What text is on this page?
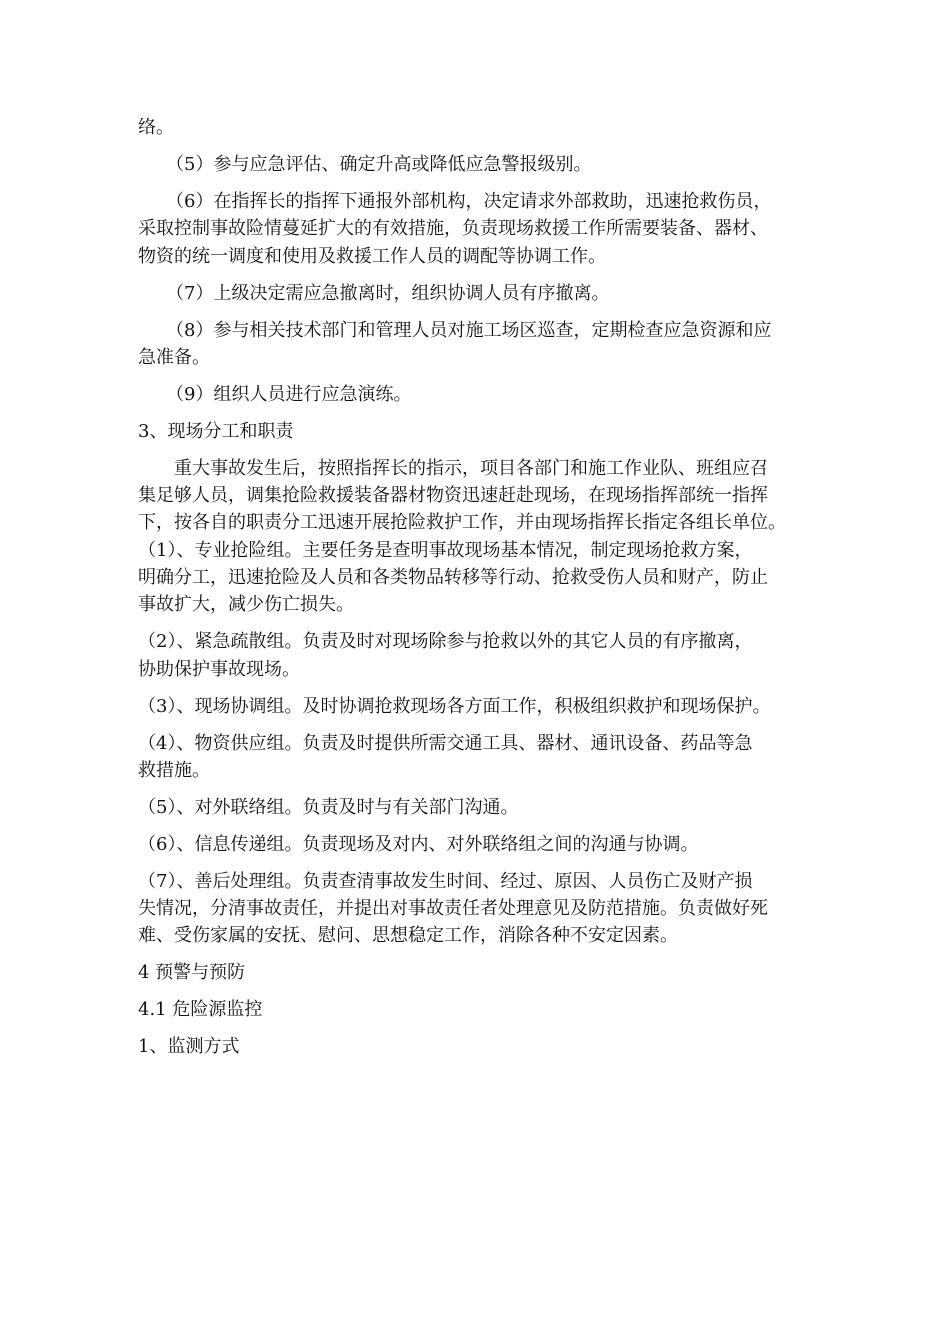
络。
（5）参与应急评估、确定升高或降低应急警报级别。
（6）在指挥长的指挥下通报外部机构，决定请求外部救助，迅速抢救伤员，
采取控制事故险情蔓延扩大的有效措施，负责现场救援工作所需要装备、器材、
物资的统一调度和使用及救援工作人员的调配等协调工作。
（7）上级决定需应急撤离时，组织协调人员有序撤离。
（8）参与相关技术部门和管理人员对施工场区巡查，定期检查应急资源和应
急准备。
（9）组织人员进行应急演练。
3、现场分工和职责
重大事故发生后，按照指挥长的指示，项目各部门和施工作业队、班组应召
集足够人员，调集抢险救援装备器材物资迅速赶赴现场，在现场指挥部统一指挥
下，按各自的职责分工迅速开展抢险救护工作，并由现场指挥长指定各组长单位。
（1）、专业抢险组。主要任务是查明事故现场基本情况，制定现场抢救方案，
明确分工，迅速抢险及人员和各类物品转移等行动、抢救受伤人员和财产，防止
事故扩大，减少伤亡损失。
（2）、紧急疏散组。负责及时对现场除参与抢救以外的其它人员的有序撤离，
协助保护事故现场。
（3）、现场协调组。及时协调抢救现场各方面工作，积极组织救护和现场保护。
（4）、物资供应组。负责及时提供所需交通工具、器材、通讯设备、药品等急
救措施。
（5）、对外联络组。负责及时与有关部门沟通。
（6）、信息传递组。负责现场及对内、对外联络组之间的沟通与协调。
（7）、善后处理组。负责查清事故发生时间、经过、原因、人员伤亡及财产损
失情况，分清事故责任，并提出对事故责任者处理意见及防范措施。负责做好死
难、受伤家属的安抚、慰问、思想稳定工作，消除各种不安定因素。
4 预警与预防
4.1 危险源监控
1、监测方式
